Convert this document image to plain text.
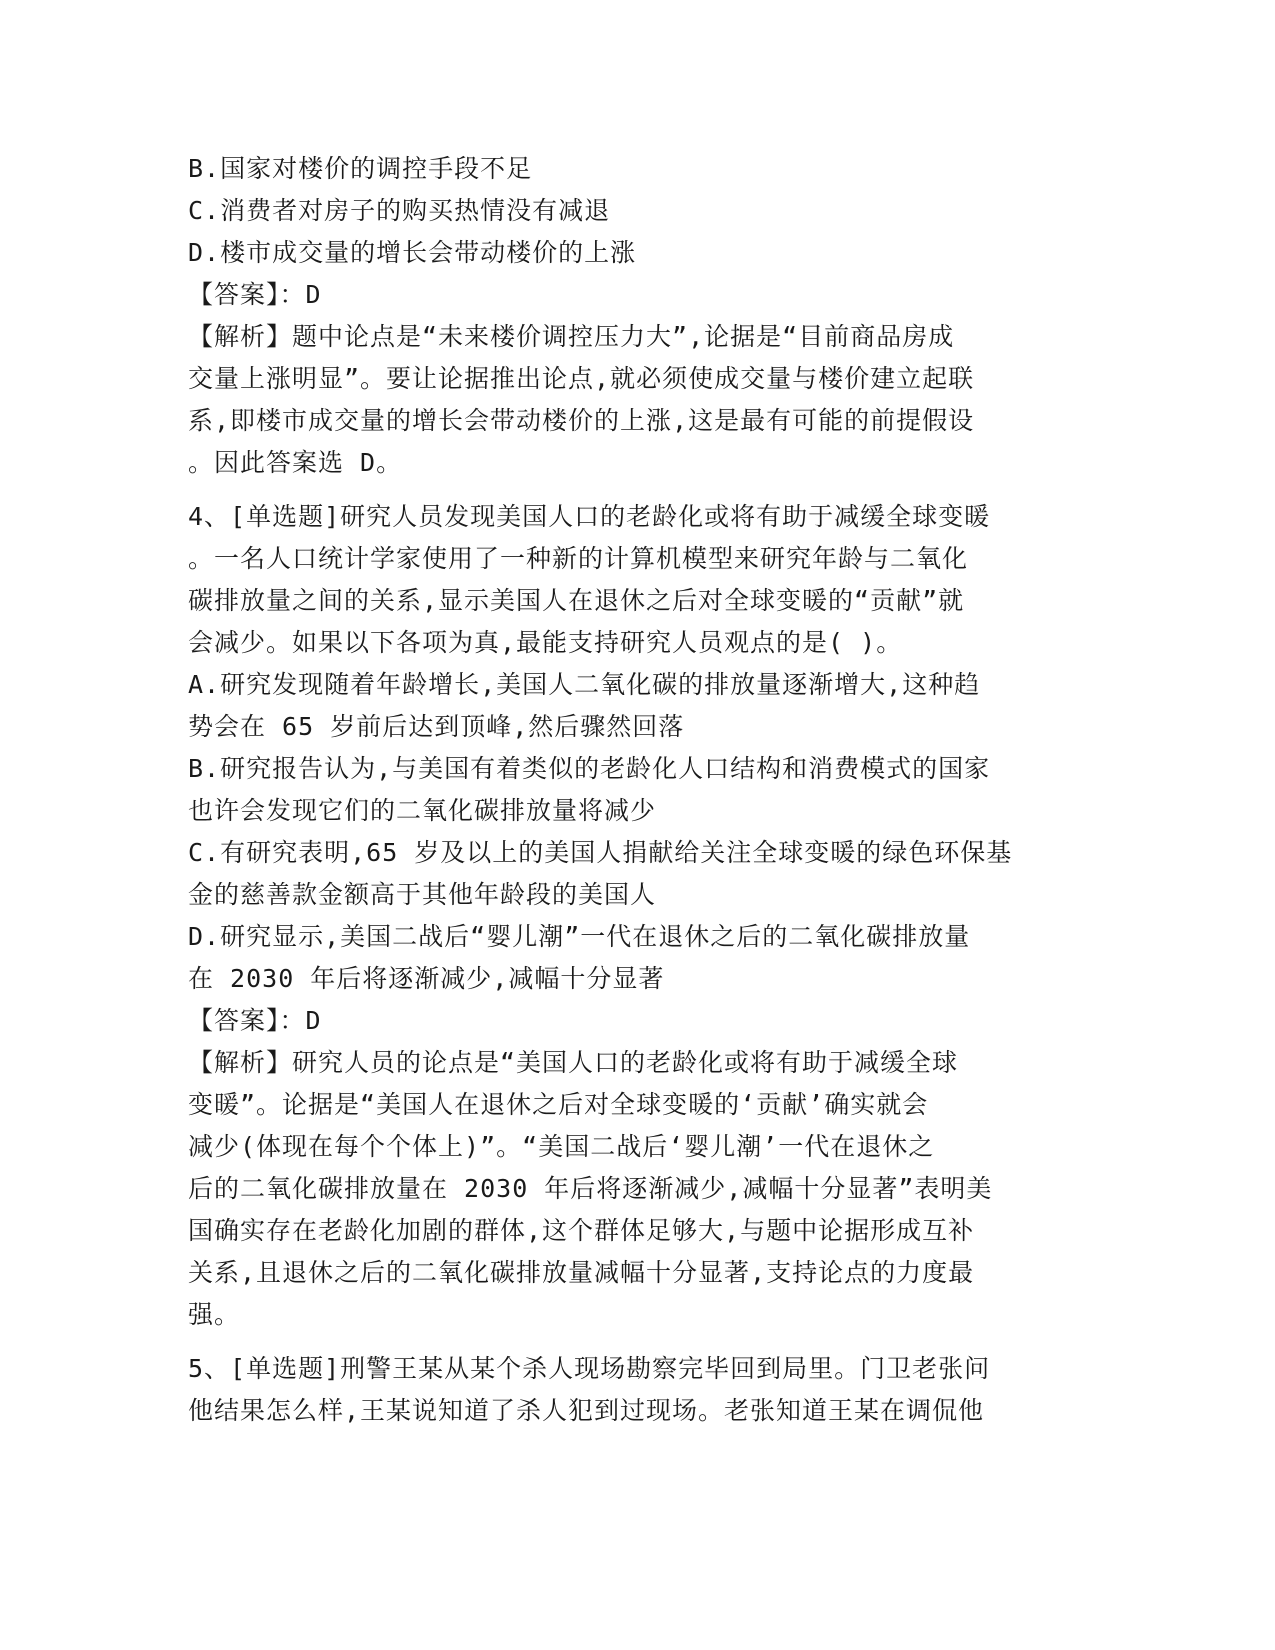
B.国家对楼价的调控手段不足
C.消费者对房子的购买热情没有减退
D.楼市成交量的增长会带动楼价的上涨
【答案】：D
【解析】题中论点是“未来楼价调控压力大”,论据是“目前商品房成
交量上涨明显”。要让论据推出论点,就必须使成交量与楼价建立起联
系,即楼市成交量的增长会带动楼价的上涨,这是最有可能的前提假设
。因此答案选 D。
4、[单选题]研究人员发现美国人口的老龄化或将有助于减缓全球变暖
。一名人口统计学家使用了一种新的计算机模型来研究年龄与二氧化
碳排放量之间的关系,显示美国人在退休之后对全球变暖的“贡献”就
会减少。如果以下各项为真,最能支持研究人员观点的是( )。
A.研究发现随着年龄增长,美国人二氧化碳的排放量逐渐增大,这种趋
势会在 65 岁前后达到顶峰,然后骤然回落
B.研究报告认为,与美国有着类似的老龄化人口结构和消费模式的国家
也许会发现它们的二氧化碳排放量将减少
C.有研究表明,65 岁及以上的美国人捐献给关注全球变暖的绿色环保基
金的慈善款金额高于其他年龄段的美国人
D.研究显示,美国二战后“婴儿潮”一代在退休之后的二氧化碳排放量
在 2030 年后将逐渐减少,减幅十分显著
【答案】：D
【解析】研究人员的论点是“美国人口的老龄化或将有助于减缓全球
变暖”。论据是“美国人在退休之后对全球变暖的‘贡献’确实就会
减少(体现在每个个体上)”。“美国二战后‘婴儿潮’一代在退休之
后的二氧化碳排放量在 2030 年后将逐渐减少,减幅十分显著”表明美
国确实存在老龄化加剧的群体,这个群体足够大,与题中论据形成互补
关系,且退休之后的二氧化碳排放量减幅十分显著,支持论点的力度最
强。
5、[单选题]刑警王某从某个杀人现场勘察完毕回到局里。门卫老张问
他结果怎么样,王某说知道了杀人犯到过现场。老张知道王某在调侃他
